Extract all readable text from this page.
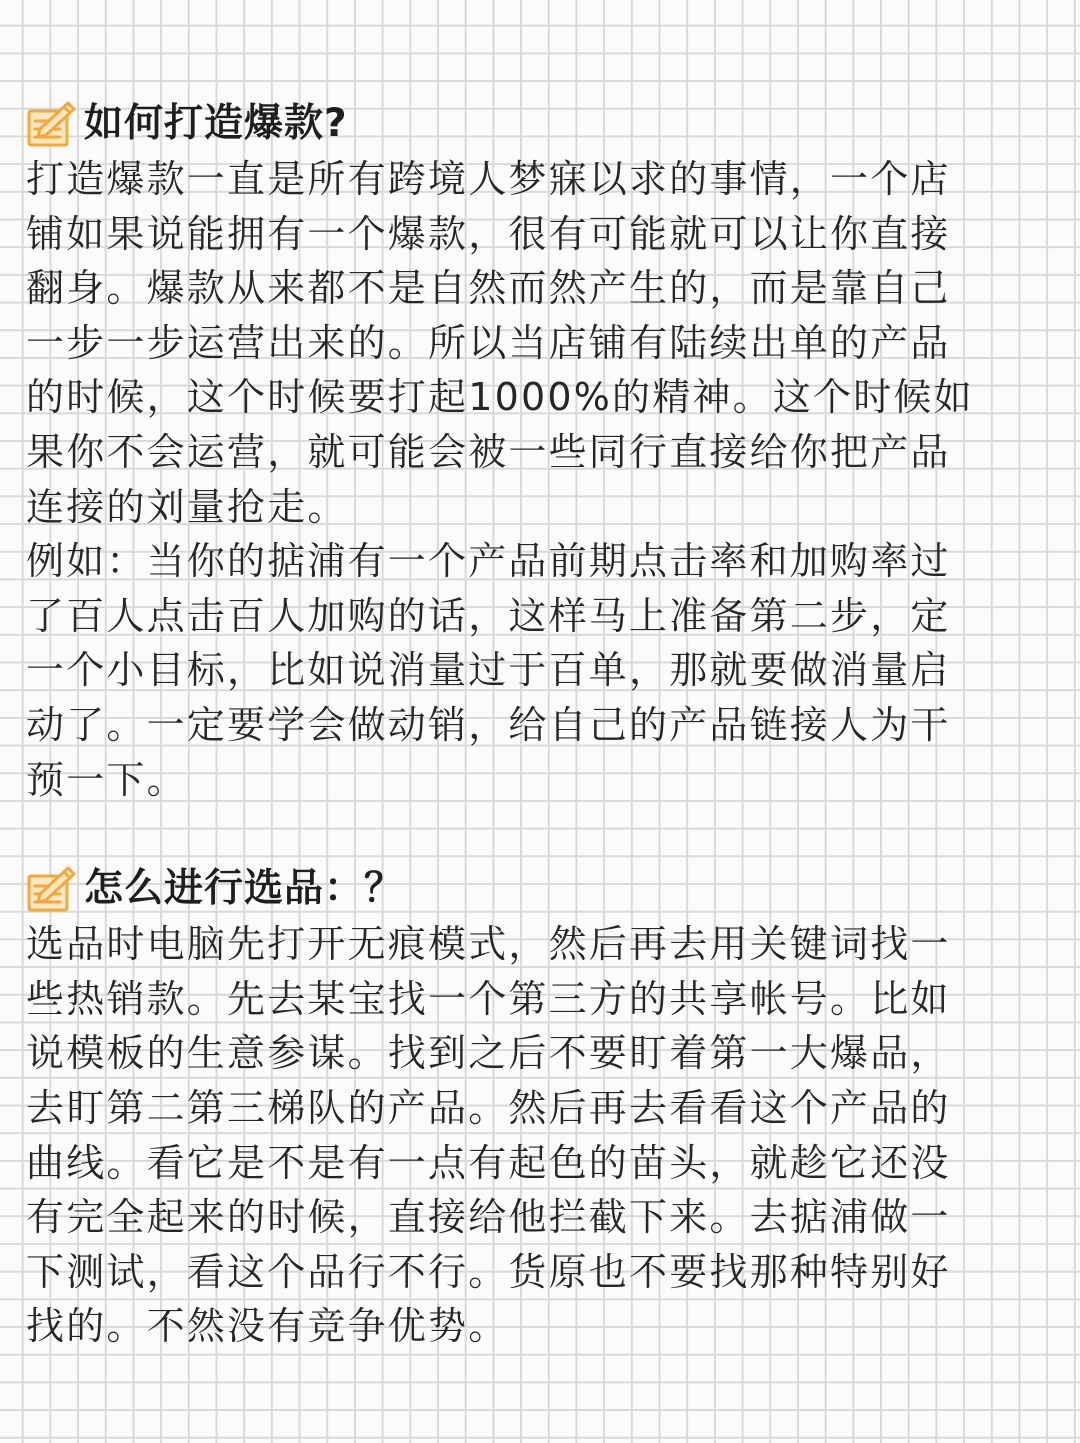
如何打造爆款?

打造爆款一直是所有跨境人梦寐以求的事情，一个店
铺如果说能拥有一个爆款，很有可能就可以让你直接
翻身。爆款从来都不是自然而然产生的，而是靠自己
一步一步运营出来的。所以当店铺有陆续出单的产品
的时候，这个时候要打起1000%的精神。这个时候如
果你不会运营，就可能会被一些同行直接给你把产品
连接的刘量抢走。

例如：当你的掂浦有一个产品前期点击率和加购率过
了百人点击百人加购的话，这样马上准备第二步，定
一个小目标，比如说消量过于百单，那就要做消量启
动了。一定要学会做动销，给自己的产品链接人为干
预一下。

怎么进行选品：？

选品时电脑先打开无痕模式，然后再去用关键词找一
些热销款。先去某宝找一个第三方的共享帐号。比如
说模板的生意参谋。找到之后不要盯着第一大爆品，
去盯第二第三梯队的产品。然后再去看看这个产品的
曲线。看它是不是有一点有起色的苗头，就趁它还没
有完全起来的时候，直接给他拦截下来。去掂浦做一
下测试，看这个品行不行。货原也不要找那种特别好
找的。不然没有竞争优势。
